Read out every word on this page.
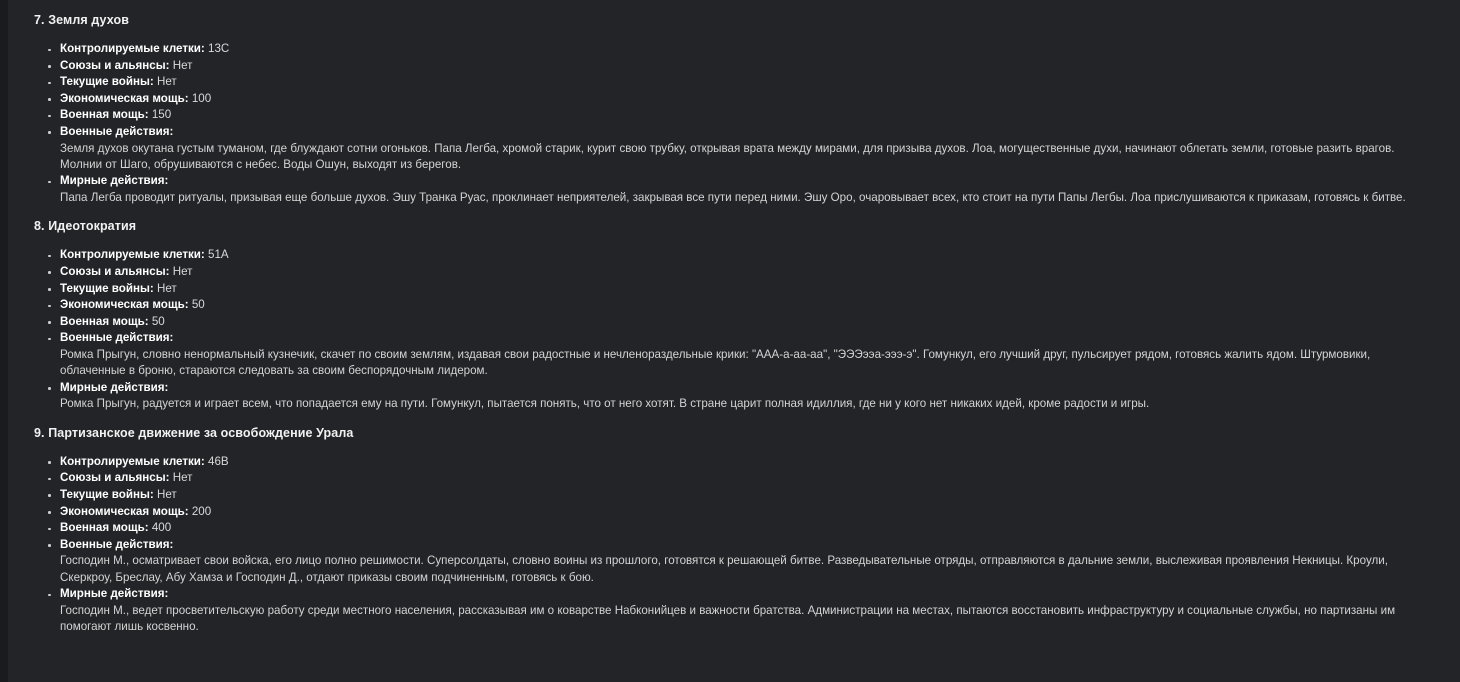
7. Земля духов
Контролируемые клетки: 13C
Союзы и альянсы: Нет
Текущие войны: Нет
Экономическая мощь: 100
Военная мощь: 150
Военные действия:
Земля духов окутана густым туманом, где блуждают сотни огоньков. Папа Легба, хромой старик, курит свою трубку, открывая врата между мирами, для призыва духов. Лоа, могущественные духи, начинают облетать земли, готовые разить врагов. Молнии от Шаго, обрушиваются с небес. Воды Ошун, выходят из берегов.
Мирные действия:
Папа Легба проводит ритуалы, призывая еще больше духов. Эшу Транка Руас, проклинает неприятелей, закрывая все пути перед ними. Эшу Оро, очаровывает всех, кто стоит на пути Папы Легбы. Лоа прислушиваются к приказам, готовясь к битве.
8. Идеотократия
Контролируемые клетки: 51A
Союзы и альянсы: Нет
Текущие войны: Нет
Экономическая мощь: 50
Военная мощь: 50
Военные действия:
Ромка Прыгун, словно ненормальный кузнечик, скачет по своим землям, издавая свои радостные и нечленораздельные крики: "ААА-а-аа-аа", "ЭЭЭээа-эээ-э". Гомункул, его лучший друг, пульсирует рядом, готовясь жалить ядом. Штурмовики, облаченные в броню, стараются следовать за своим беспорядочным лидером.
Мирные действия:
Ромка Прыгун, радуется и играет всем, что попадается ему на пути. Гомункул, пытается понять, что от него хотят. В стране царит полная идиллия, где ни у кого нет никаких идей, кроме радости и игры.
9. Партизанское движение за освобождение Урала
Контролируемые клетки: 46B
Союзы и альянсы: Нет
Текущие войны: Нет
Экономическая мощь: 200
Военная мощь: 400
Военные действия:
Господин М., осматривает свои войска, его лицо полно решимости. Суперсолдаты, словно воины из прошлого, готовятся к решающей битве. Разведывательные отряды, отправляются в дальние земли, выслеживая проявления Некницы. Кроули, Скеркроу, Бреслау, Абу Хамза и Господин Д., отдают приказы своим подчиненным, готовясь к бою.
Мирные действия:
Господин М., ведет просветительскую работу среди местного населения, рассказывая им о коварстве Набконийцев и важности братства. Администрации на местах, пытаются восстановить инфраструктуру и социальные службы, но партизаны им помогают лишь косвенно.
